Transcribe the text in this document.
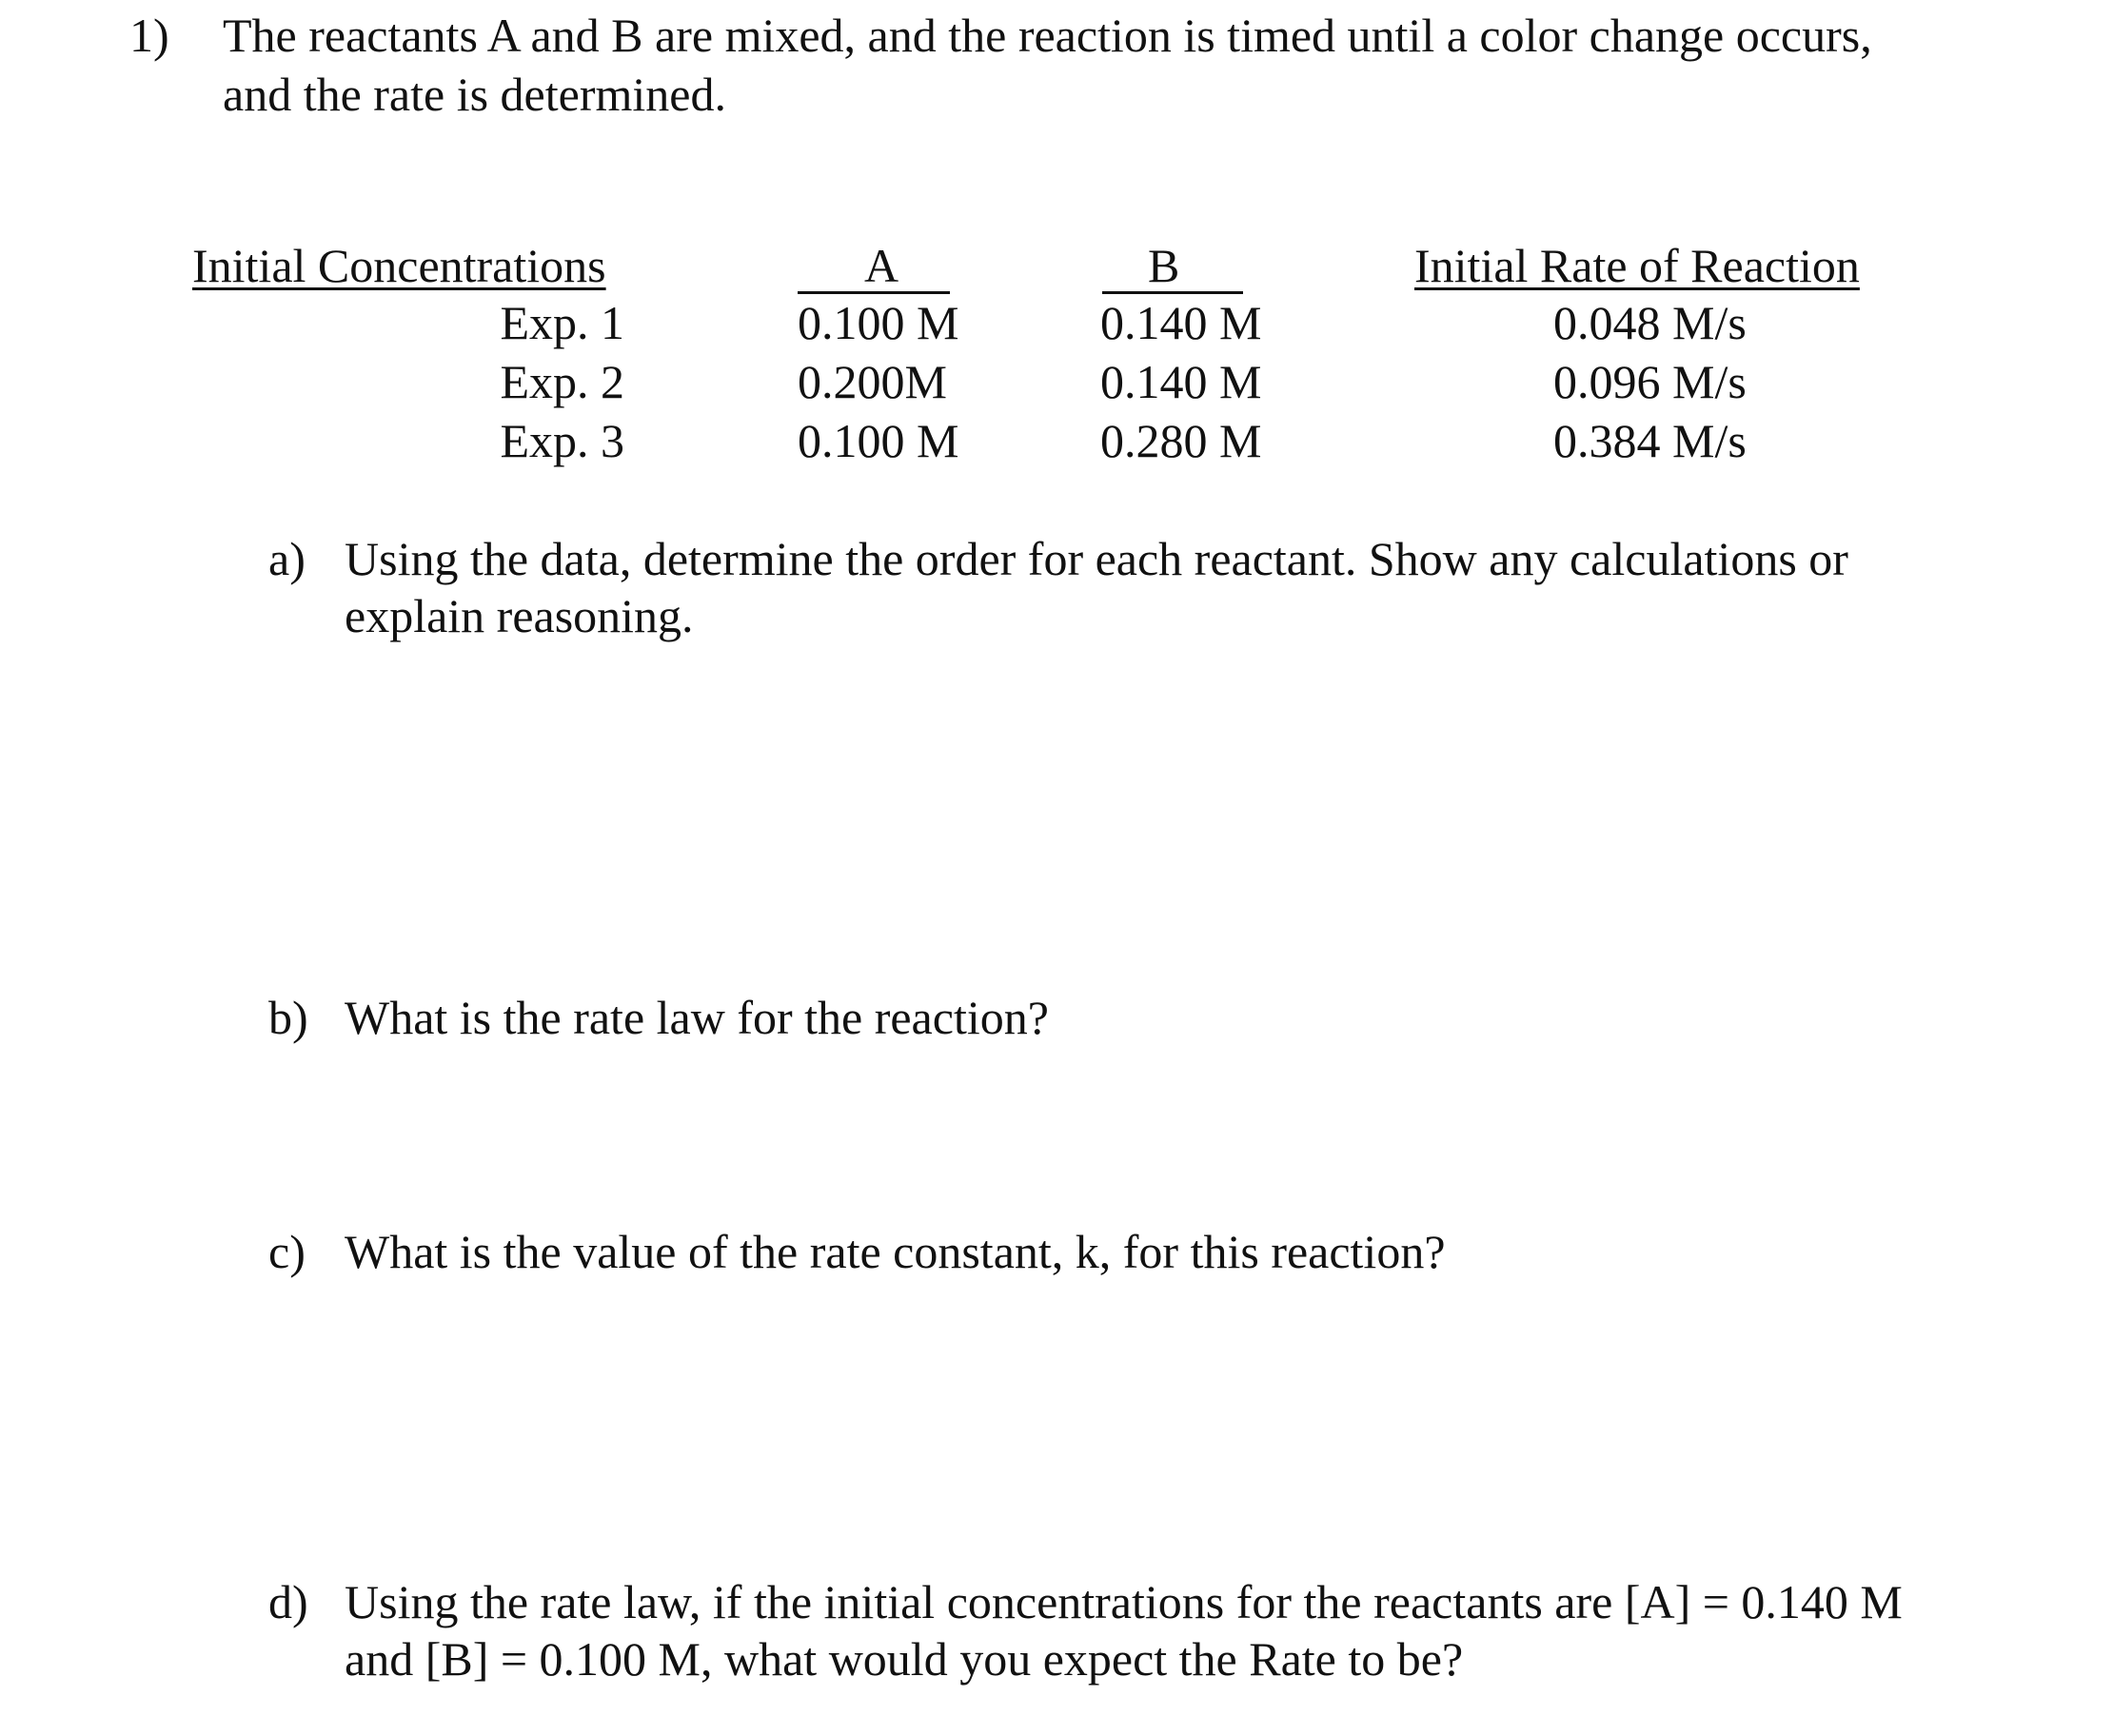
1) The reactants A and B are mixed, and the reaction is timed until a color change occurs,
and the rate is determined.
Initial Concentrations	A	B	Initial Rate of Reaction
Exp. 1	0.100 M	0.140 M	0.048 M/s
Exp. 2	0.200M	0.140 M	0.096 M/s
Exp. 3	0.100 M	0.280 M	0.384 M/s
a) Using the data, determine the order for each reactant. Show any calculations or
explain reasoning.
b) What is the rate law for the reaction?
c) What is the value of the rate constant, k, for this reaction?
d) Using the rate law, if the initial concentrations for the reactants are [A] = 0.140 M
and [B] = 0.100 M, what would you expect the Rate to be?
